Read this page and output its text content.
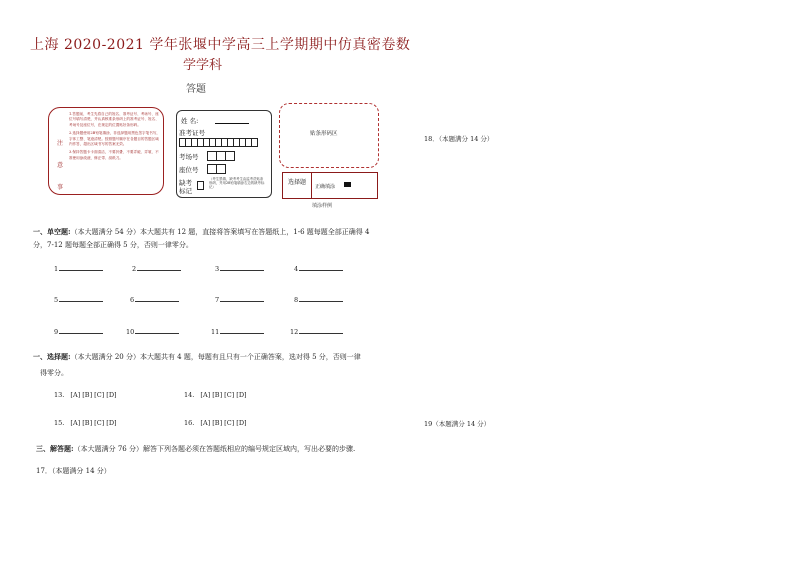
上海 2020-2021 学年张堰中学高三上学期期中仿真密卷数
学学科
答题
注
意
事

1.答题前，考生先将自己的姓名、准考证号、考场号、座位号填写清楚，并认真核准条形码上的准考证号、姓名、考场号及座位号，在规定的位置贴好条形码。

2.选择题使用2B铅笔填涂，非选择题用黑色签字笔书写，字体工整、笔迹清楚。按照题号顺序在各题目的答题区域内作答，超出区域书写的答案无效。

3.保持答题卡卡面清洁，不要折叠、不要弄破、弄皱，不准使用涂改液、修正带、刮纸刀。

姓 名:
准考证号
考场号
座位号
缺考
标记
（考生禁填，缺考考生由监考员贴条形码，并用2B铅笔填涂右边的缺考标记）
贴条形码区
选择题
正确填涂
填涂样例
一、单空题:（本大题满分 54 分）本大题共有 12 题，直接将答案填写在答题纸上，1-6 题每题全部正确得 4
分，7-12 题每题全部正确得 5 分，否则一律零分。
1	2	3	4
5	6	7	8
9	10	11	12
一、选择题:（本大题满分 20 分）本大题共有 4 题，每题有且只有一个正确答案，选对得 5 分，否则一律
得零分。
13. [A] [B] [C] [D]	14. [A] [B] [C] [D]
15. [A] [B] [C] [D]	16. [A] [B] [C] [D]
三、解答题:（本大题满分 76 分）解答下列各题必须在答题纸相应的编号规定区域内，写出必要的步骤.
17．（本题满分 14 分）
18．（本题满分 14 分）
19（本题满分 14 分）
